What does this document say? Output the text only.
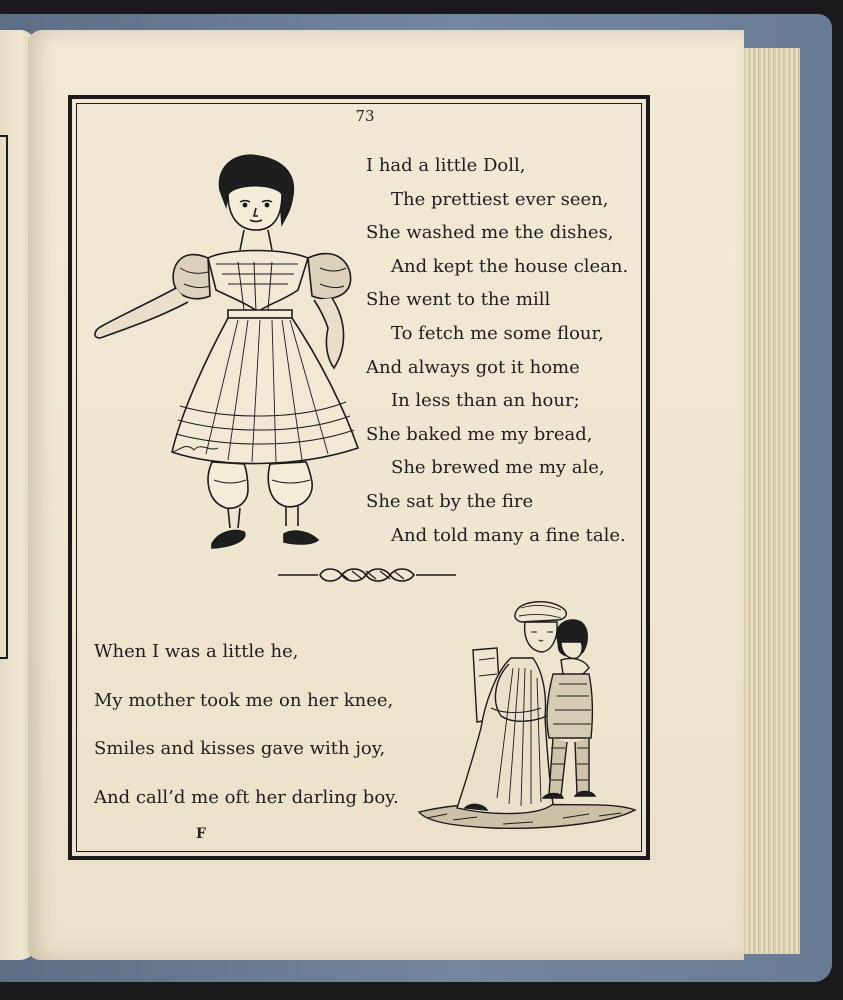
73
I had a little Doll,
The prettiest ever seen,
She washed me the dishes,
And kept the house clean.
She went to the mill
To fetch me some flour,
And always got it home
In less than an hour;
She baked me my bread,
She brewed me my ale,
She sat by the fire
And told many a fine tale.
When I was a little he,
My mother took me on her knee,
Smiles and kisses gave with joy,
And call’d me oft her darling boy.
F
